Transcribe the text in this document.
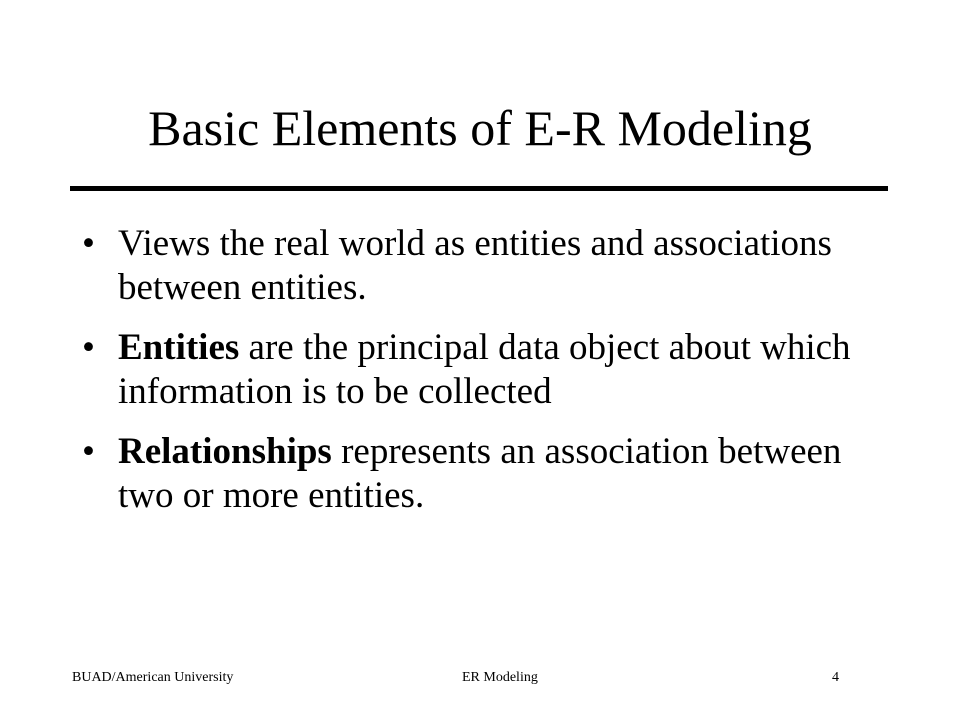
Basic Elements of E-R Modeling
• Views the real world as entities and associations between entities.
• Entities are the principal data object about which information is to be collected
• Relationships represents an association between two or more entities.
BUAD/American University	ER Modeling	4
